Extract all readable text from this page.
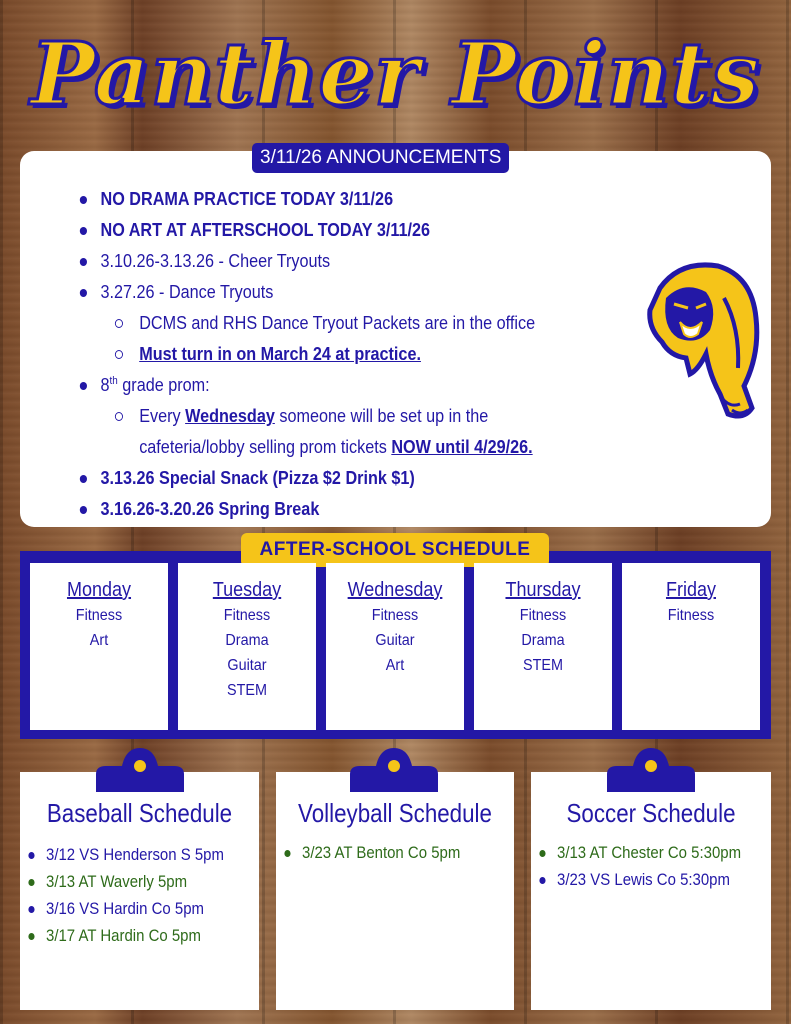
Panther Points
3/11/26 ANNOUNCEMENTS
NO DRAMA PRACTICE TODAY 3/11/26
NO ART AT AFTERSCHOOL TODAY 3/11/26
3.10.26-3.13.26 - Cheer Tryouts
3.27.26 - Dance Tryouts
DCMS and RHS Dance Tryout Packets are in the office
Must turn in on March 24 at practice.
8th grade prom:
Every Wednesday someone will be set up in the
cafeteria/lobby selling prom tickets NOW until 4/29/26.
3.13.26 Special Snack (Pizza $2 Drink $1)
3.16.26-3.20.26 Spring Break
AFTER-SCHOOL SCHEDULE
Monday
Fitness
Art
Tuesday
Fitness
Drama
Guitar
STEM
Wednesday
Fitness
Guitar
Art
Thursday
Fitness
Drama
STEM
Friday
Fitness
Baseball Schedule
3/12 VS Henderson S 5pm
3/13 AT Waverly 5pm
3/16 VS Hardin Co 5pm
3/17 AT Hardin Co 5pm
Volleyball Schedule
3/23 AT Benton Co 5pm
Soccer Schedule
3/13 AT Chester Co 5:30pm
3/23 VS Lewis Co 5:30pm
